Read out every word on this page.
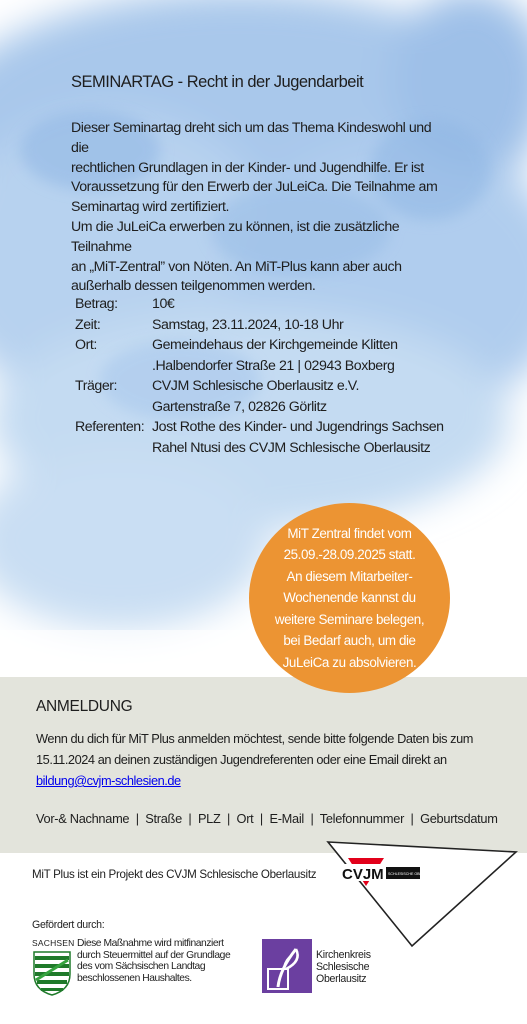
SEMINARTAG - Recht in der Jugendarbeit

Dieser Seminartag dreht sich um das Thema Kindeswohl und die

rechtlichen Grundlagen in der Kinder- und Jugendhilfe. Er ist

Voraussetzung für den Erwerb der JuLeiCa. Die Teilnahme am

Seminartag wird zertifiziert.

Um die JuLeiCa erwerben zu können, ist die zusätzliche Teilnahme

an „MiT-Zentral” von Nöten. An MiT-Plus kann aber auch

außerhalb dessen teilgenommen werden.

Betrag:	10€
Zeit:	Samstag, 23.11.2024, 10-18 Uhr
Ort:	Gemeindehaus der Kirchgemeinde Klitten
.Halbendorfer Straße 21 | 02943 Boxberg
Träger:	CVJM Schlesische Oberlausitz e.V.
Gartenstraße 7, 02826 Görlitz
Referenten: Jost Rothe des Kinder- und Jugendrings Sachsen
Rahel Ntusi des CVJM Schlesische Oberlausitz
ANMELDUNG

Wenn du dich für MiT Plus anmelden möchtest, sende bitte folgende Daten bis zum

15.11.2024 an deinen zuständigen Jugendreferenten oder eine Email direkt an

bildung@cvjm-schlesien.de

Vor-& Nachname  |  Straße  |  PLZ  |  Ort  |  E-Mail  |  Telefonnummer  |  Geburtsdatum

MiT Zentral findet vom
25.09.-28.09.2025 statt.
An diesem Mitarbeiter-
Wochenende kannst du
weitere Seminare belegen,
bei Bedarf auch, um die
JuLeiCa zu absolvieren.

CVJM SCHLESISCHE OBERLAUSITZ
MiT Plus ist ein Projekt des CVJM Schlesische Oberlausitz
Gefördert durch:
SACHSEN Diese Maßnahme wird mitfinanziert durch Steuermittel auf der Grundlage des vom Sächsischen Landtag beschlossenen Haushaltes.
Kirchenkreis
Schlesische
Oberlausitz
